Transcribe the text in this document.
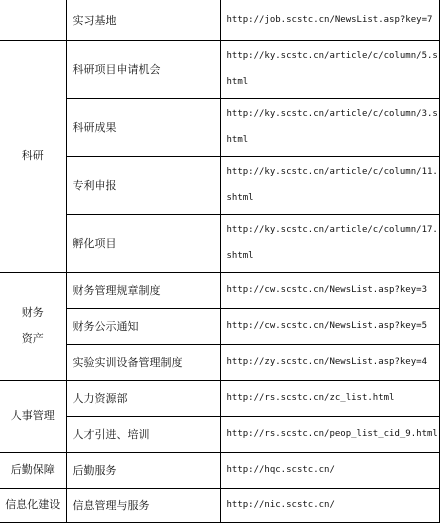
	实习基地	http://job.scstc.cn/NewsList.asp?key=7
科研	科研项目申请机会	http://ky.scstc.cn/article/c/column/5.s
html

	科研成果	http://ky.scstc.cn/article/c/column/3.s
html

	专利申报	http://ky.scstc.cn/article/c/column/11.
shtml

	孵化项目	http://ky.scstc.cn/article/c/column/17.
shtml

财务
资产	财务管理规章制度	http://cw.scstc.cn/NewsList.asp?key=3
	财务公示通知	http://cw.scstc.cn/NewsList.asp?key=5
	实验实训设备管理制度	http://zy.scstc.cn/NewsList.asp?key=4
人事管理	人力资源部	http://rs.scstc.cn/zc_list.html
	人才引进、培训	http://rs.scstc.cn/peop_list_cid_9.html
后勤保障	后勤服务	http://hqc.scstc.cn/
信息化建设	信息管理与服务	http://nic.scstc.cn/
